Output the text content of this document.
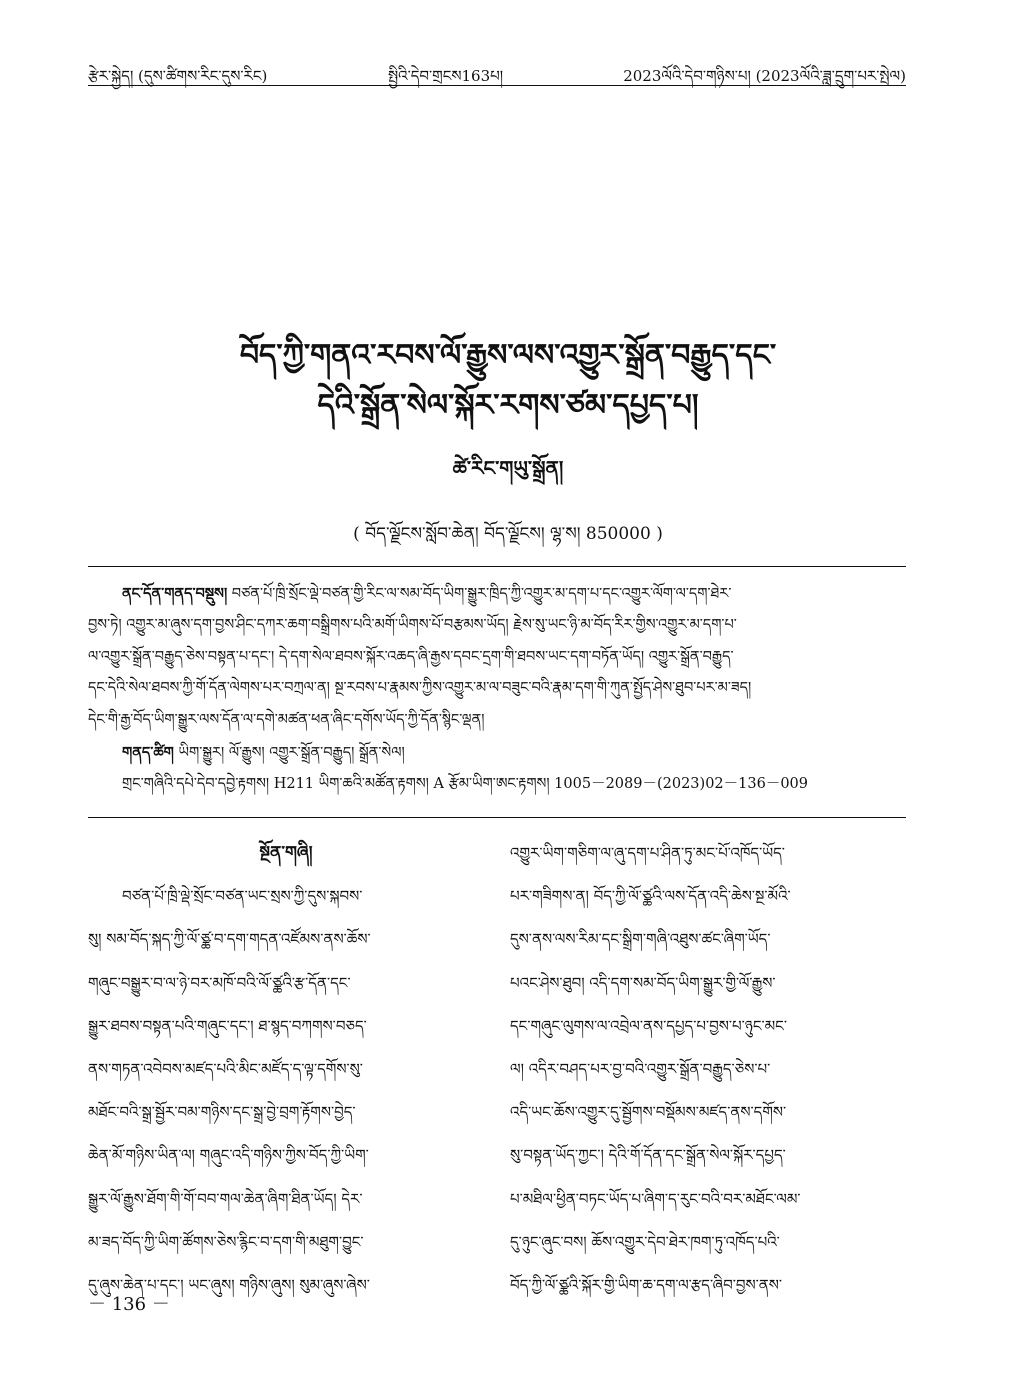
རྩེར་སྐྱེད། (དུས་ཚིགས་རིང་དུས་རིང)	སྤྱིའི་དེབ་གྲངས163པ།	2023ལོའི་དེབ་གཉིས་པ། (2023ལོའི་ཟླ་དྲུག་པར་སྤེལ)
བོད་ཀྱི་གནའ་རབས་ལོ་རྒྱུས་ལས་འགྱུར་སྒྲོན་བརྒྱུད་དང་
དེའི་སྒྲོན་སེལ་སྐོར་རགས་ཙམ་དཔྱད་པ།
ཚེ་རིང་གཡུ་སྒྲོན།
( བོད་ལྗོངས་སློབ་ཆེན། བོད་ལྗོངས། ལྷ་ས། 850000 )
ནང་དོན་གནད་བསྡུས། བཙན་པོ་ཁྲི་སྲོང་ལྡེ་བཙན་གྱི་རིང་ལ་སམ་བོད་ཡིག་སྒྱུར་ཁྲིད་ཀྱི་འགྱུར་མ་དག་པ་དང་འགྱུར་ལོག་ལ་དག་ཐེར་
བྱས་ཏེ། འགྱུར་མ་ཞུས་དག་བྱས་ཤིང་དཀར་ཆག་བསྒྲིགས་པའི་མགོ་ཡིགས་པོ་བརྩམས་ཡོད། རྗེས་སུ་ཡང་ཉི་མ་བོད་རིར་གྱིས་འགྱུར་མ་དག་པ་
ལ་འགྱུར་སྒྲོན་བརྒྱུད་ཅེས་བསྟན་པ་དང་། དེ་དག་སེལ་ཐབས་སྐོར་འཆད་ཞི་རྒྱས་དབང་དྲག་གི་ཐབས་ཡང་དག་བཏོན་ཡོད། འགྱུར་སྒྲོན་བརྒྱུད་
དང་དེའི་སེལ་ཐབས་ཀྱི་གོ་དོན་ལེགས་པར་བཀྲལ་ན། སྔ་རབས་པ་རྣམས་ཀྱིས་འགྱུར་མ་ལ་བཟུང་བའི་རྣམ་དག་གི་ཀུན་སྤྱོད་ཤེས་ཐུབ་པར་མ་ཟད།
དེང་གི་རྒྱ་བོད་ཡིག་སྒྱུར་ལས་དོན་ལ་དགེ་མཚན་ཕན་ཞིང་དགོས་ཡོད་ཀྱི་དོན་སྙིང་ལྡན།
གནད་ཚིག ཡིག་སྒྱུར། ལོ་རྒྱུས། འགྱུར་སྒྲོན་བརྒྱུད། སྒྲོན་སེལ།
གྲང་གཞིའི་དཔེ་དེབ་དབྱེ་རྟགས། H211 ཡིག་ཆའི་མཚོན་རྟགས། A རྩོམ་ཡིག་ཨང་རྟགས། 1005－2089－(2023)02－136－009
སྔོན་གཞི།
བཙན་པོ་ཁྲི་ལྡེ་སྲོང་བཙན་ཡང་སྲས་ཀྱི་དུས་སྐབས་
སུ། སམ་བོད་སྐད་ཀྱི་ལོ་ཙྪ་བ་དག་གདན་འཛོམས་ནས་ཆོས་
གཞུང་བསྒྱུར་བ་ལ་ཉེ་བར་མཁོ་བའི་ལོ་ཙྪའི་རྩ་དོན་དང་
སྒྱུར་ཐབས་བསྟན་པའི་གཞུང་དང་། ཐ་སྙད་བཀགས་བཅད་
ནས་གཏན་འབེབས་མཛད་པའི་མིང་མཛོད་ད་ལྟ་དགོས་སུ་
མཐོང་བའི་སྒྲ་སྦྱོར་བམ་གཉིས་དང་སྒྲ་བྱེ་བྲག་རྟོགས་བྱེད་
ཆེན་མོ་གཉིས་ཡིན་ལ། གཞུང་འདི་གཉིས་ཀྱིས་བོད་ཀྱི་ཡིག་
སྒྱུར་ལོ་རྒྱུས་ཐོག་གི་གོ་བབ་གལ་ཆེན་ཞིག་ཐིན་ཡོད། དེར་
མ་ཟད་བོད་ཀྱི་ཡིག་ཚོགས་ཅེས་རྙིང་བ་དག་གི་མཐུག་བྱུང་
དུ་ཞུས་ཆེན་པ་དང་། ཡང་ཞུས། གཉིས་ཞུས། སུམ་ཞུས་ཞེས་
འགྱུར་ཡིག་གཅིག་ལ་ཞུ་དག་པ་ཤིན་ཏུ་མང་པོ་འཁོད་ཡོད་
པར་གཟིགས་ན། བོད་ཀྱི་ལོ་ཙྪའི་ལས་དོན་འདི་ཆེས་སྔ་མོའི་
དུས་ནས་ལས་རིམ་དང་སྒྲིག་གཞི་འཐུས་ཚང་ཞིག་ཡོད་
པའང་ཤེས་ཐུབ། འདི་དག་སམ་བོད་ཡིག་སྒྱུར་གྱི་ལོ་རྒྱུས་
དང་གཞུང་ལུགས་ལ་འབྲེལ་ནས་དཔྱད་པ་བྱས་པ་ཉུང་མང་
ལ། འདིར་བཤད་པར་བྱ་བའི་འགྱུར་སྒྲོན་བརྒྱུད་ཅེས་པ་
འདི་ཡང་ཆོས་འགྱུར་དུ་སྦྱོགས་བསྡོམས་མཛད་ནས་དགོས་
སུ་བསྟན་ཡོད་ཀྱང་། དེའི་གོ་དོན་དང་སྒྲོན་སེལ་སྐོར་དཔྱད་
པ་མཐིལ་ཕྱིན་བཏང་ཡོད་པ་ཞིག་ད་རུང་བའི་བར་མཐོང་ལམ་
དུ་ཉུང་ཞུང་བས། ཆོས་འགྱུར་དེབ་ཐེར་ཁག་ཏུ་འཁོད་པའི་
བོད་ཀྱི་ལོ་ཙྪའི་སྐོར་གྱི་ཡིག་ཆ་དག་ལ་རྩད་ཞིབ་བྱས་ནས་
－ 136 －
